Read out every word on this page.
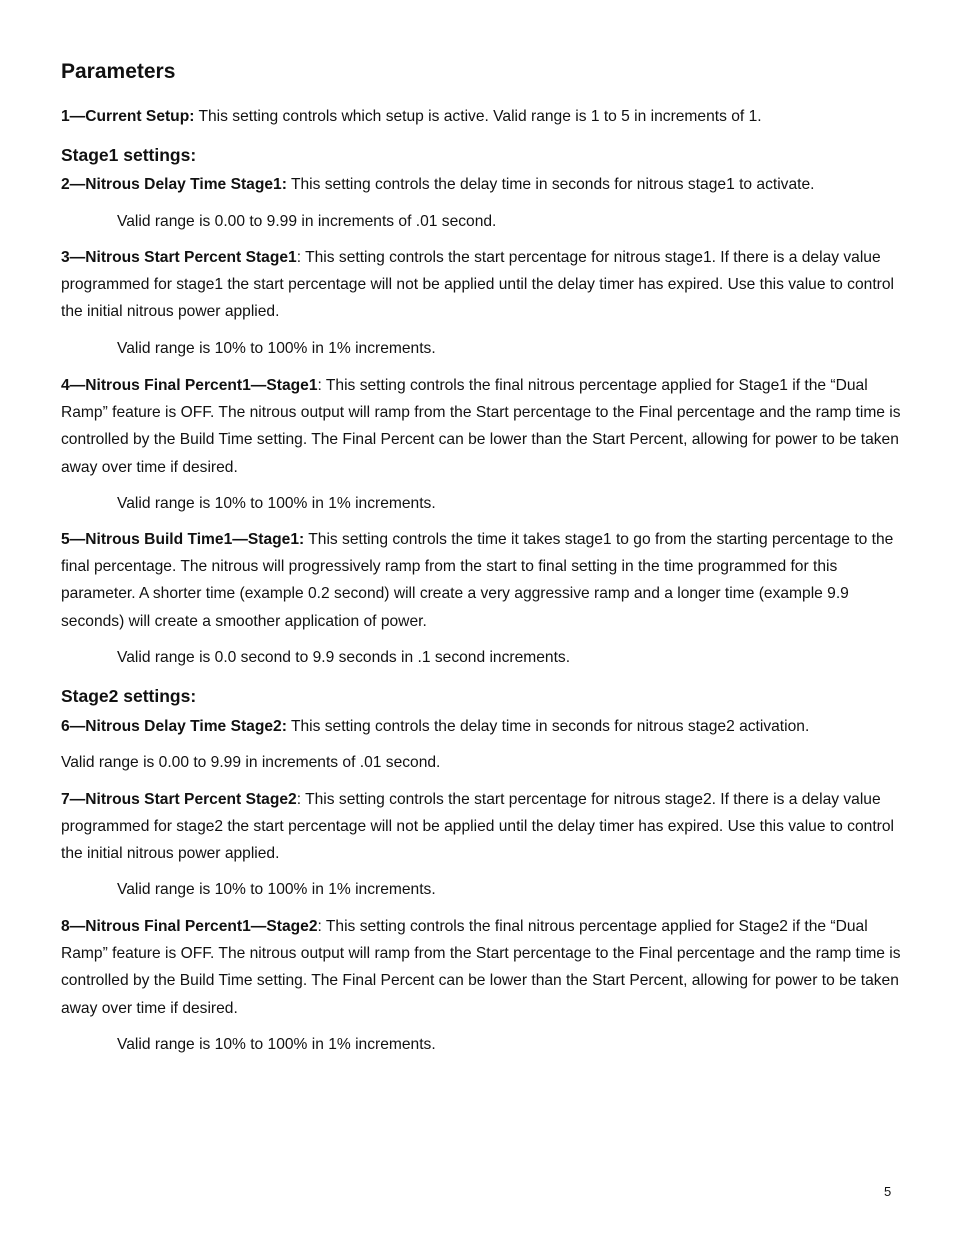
Parameters

1—Current Setup: This setting controls which setup is active. Valid range is 1 to 5 in increments of 1.

Stage1 settings:

2—Nitrous Delay Time Stage1: This setting controls the delay time in seconds for nitrous stage1 to activate.

Valid range is 0.00 to 9.99 in increments of .01 second.

3—Nitrous Start Percent Stage1: This setting controls the start percentage for nitrous stage1. If there is a delay value programmed for stage1 the start percentage will not be applied until the delay timer has expired. Use this value to control the initial nitrous power applied.

Valid range is 10% to 100% in 1% increments.

4—Nitrous Final Percent1—Stage1: This setting controls the final nitrous percentage applied for Stage1 if the “Dual Ramp” feature is OFF. The nitrous output will ramp from the Start percentage to the Final percentage and the ramp time is controlled by the Build Time setting. The Final Percent can be lower than the Start Percent, allowing for power to be taken away over time if desired.

Valid range is 10% to 100% in 1% increments.

5—Nitrous Build Time1—Stage1: This setting controls the time it takes stage1 to go from the starting percentage to the final percentage. The nitrous will progressively ramp from the start to final setting in the time programmed for this parameter. A shorter time (example 0.2 second) will create a very aggressive ramp and a longer time (example 9.9 seconds) will create a smoother application of power.

Valid range is 0.0 second to 9.9 seconds in .1 second increments.

Stage2 settings:

6—Nitrous Delay Time Stage2: This setting controls the delay time in seconds for nitrous stage2 activation.

Valid range is 0.00 to 9.99 in increments of .01 second.

7—Nitrous Start Percent Stage2: This setting controls the start percentage for nitrous stage2. If there is a delay value programmed for stage2 the start percentage will not be applied until the delay timer has expired. Use this value to control the initial nitrous power applied.

Valid range is 10% to 100% in 1% increments.

8—Nitrous Final Percent1—Stage2: This setting controls the final nitrous percentage applied for Stage2 if the “Dual Ramp” feature is OFF. The nitrous output will ramp from the Start percentage to the Final percentage and the ramp time is controlled by the Build Time setting. The Final Percent can be lower than the Start Percent, allowing for power to be taken away over time if desired.

Valid range is 10% to 100% in 1% increments.

5
